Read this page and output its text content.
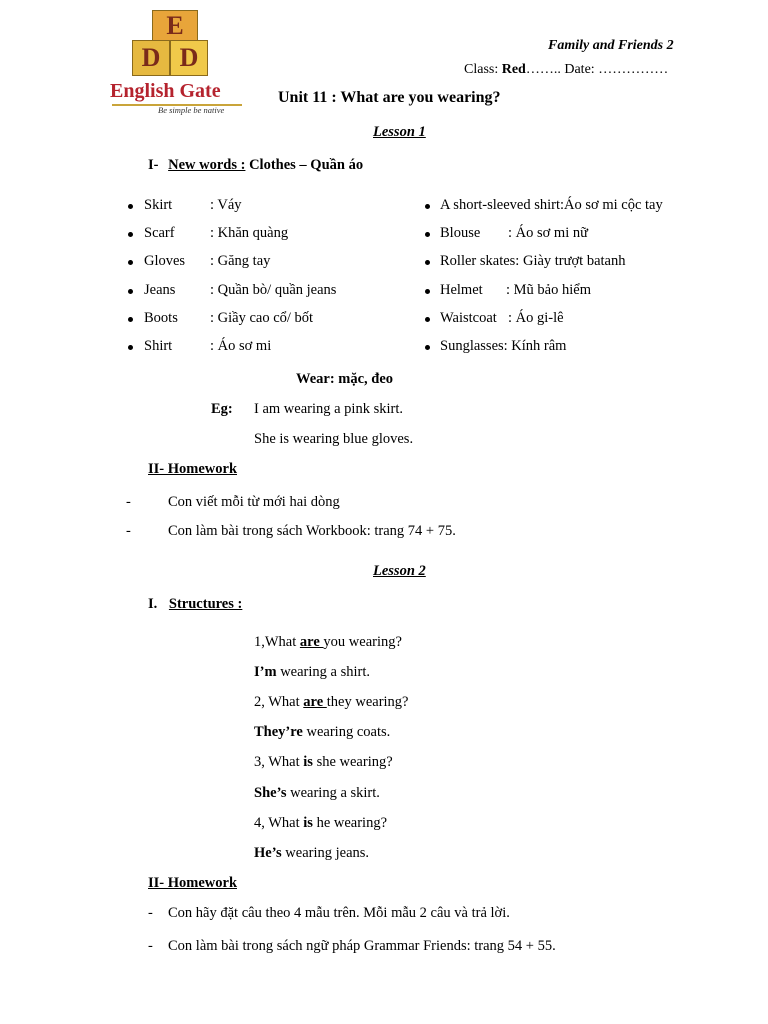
E
D D
English Gate
Be simple be native
Family and Friends 2
Class: Red…….. Date: ……………
Unit 11 : What are you wearing?
Lesson 1
I- New words : Clothes – Quần áo
Skirt	: Váy
Scarf : Khăn quàng
Gloves : Găng tay
Jeans : Quần bò/ quần jeans
Boots : Giầy cao cổ/ bốt
Shirt	: Áo sơ mi
A short-sleeved shirt:Áo sơ mi cộc tay
Blouse : Áo sơ mi nữ
Roller skates: Giày trượt batanh
Helmet : Mũ bảo hiểm
Waistcoat : Áo gi-lê
Sunglasses: Kính râm
Wear: mặc, đeo
Eg: I am wearing a pink skirt.
She is wearing blue gloves.
II- Homework
-	Con viết mỗi từ mới hai dòng
-	Con làm bài trong sách Workbook: trang 74 + 75.
Lesson 2
I. Structures :
1,What are you wearing?
I’m wearing a shirt.
2, What are they wearing?
They’re wearing coats.
3, What is she wearing?
She’s wearing a skirt.
4, What is he wearing?
He’s wearing jeans.
II- Homework
- Con hãy đặt câu theo 4 mẫu trên. Mỗi mẫu 2 câu và trả lời.
- Con làm bài trong sách ngữ pháp Grammar Friends: trang 54 + 55.
